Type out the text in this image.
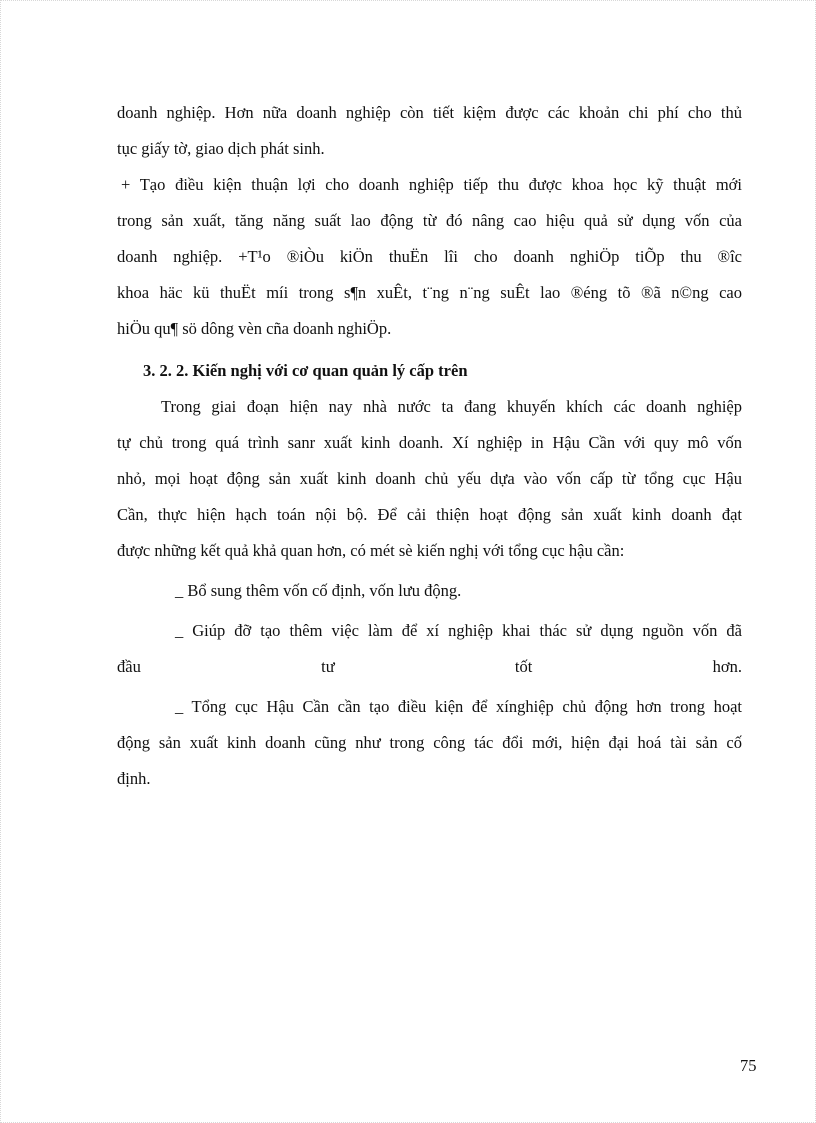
doanh nghiệp. Hơn nữa doanh nghiệp còn tiết kiệm được các khoản chi phí cho thủ
tục giấy tờ, giao dịch phát sinh.
+ Tạo điều kiện thuận lợi cho doanh nghiệp tiếp thu được khoa học kỹ thuật mới
trong sản xuất, tăng năng suất lao động từ đó nâng cao hiệu quả sử dụng vốn của
doanh nghiệp. +T¹o ®iÒu kiÖn thuËn lîi cho doanh nghiÖp tiÕp thu ®îc
khoa häc kü thuËt míi trong s¶n xuÊt, t¨ng n¨ng suÊt lao ®éng tõ ®ã n©ng cao
hiÖu qu¶ sö dông vèn cña doanh nghiÖp.
3. 2. 2. Kiến nghị với cơ quan quản lý cấp trên
Trong giai đoạn hiện nay nhà nước ta đang khuyến khích các doanh nghiệp
tự chủ trong quá trình sanr xuất kinh doanh. Xí nghiệp in Hậu Cần với quy mô vốn
nhỏ, mọi hoạt động sản xuất kinh doanh chủ yếu dựa vào vốn cấp từ tổng cục Hậu
Cần, thực hiện hạch toán nội bộ. Để cải thiện hoạt động sản xuất kinh doanh đạt
được những kết quả khả quan hơn, có mét sè kiến nghị với tổng cục hậu cần:
_ Bổ sung thêm vốn cố định, vốn lưu động.
_ Giúp đỡ tạo thêm việc làm để xí nghiệp khai thác sử dụng nguồn vốn đã
đầu tư tốt hơn.
_ Tổng cục Hậu Cần cần tạo điều kiện để xínghiệp chủ động hơn trong hoạt
động sản xuất kinh doanh cũng như trong công tác đổi mới, hiện đại hoá tài sản cố
định.
75
